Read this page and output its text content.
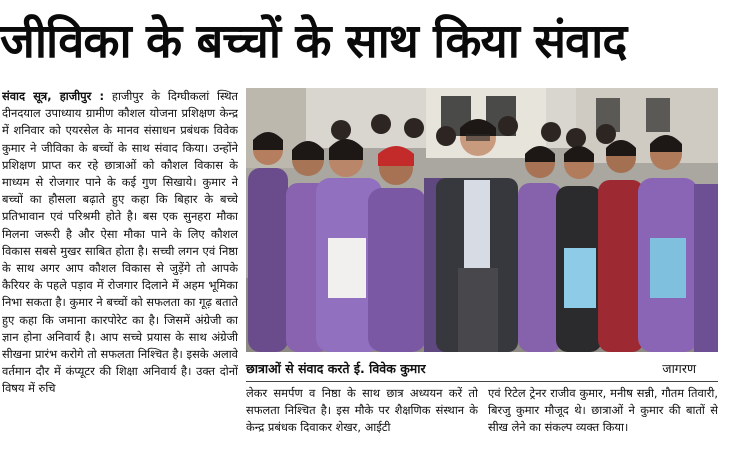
जीविका के बच्चों के साथ किया संवाद
संवाद सूत्र, हाजीपुर : हाजीपुर के दिग्घीकलां स्थित दीनदयाल उपाध्याय ग्रामीण कौशल योजना प्रशिक्षण केन्द्र में शनिवार को एयरसेल के मानव संसाधन प्रबंधक विवेक कुमार ने जीविका के बच्चों के साथ संवाद किया। उन्होंने प्रशिक्षण प्राप्त कर रहे छात्राओं को कौशल विकास के माध्यम से रोजगार पाने के कई गुण सिखाये। कुमार ने बच्चों का हौसला बढ़ाते हुए कहा कि बिहार के बच्चे प्रतिभावान एवं परिश्रमी होते है। बस एक सुनहरा मौका मिलना जरूरी है और ऐसा मौका पाने के लिए कौशल विकास सबसे मुखर साबित होता है। सच्ची लगन एवं निष्ठा के साथ अगर आप कौशल विकास से जुड़ेंगे तो आपके कैरियर के पहले पड़ाव में रोजगार दिलाने में अहम भूमिका निभा सकता है। कुमार ने बच्चों को सफलता का गूढ़ बताते हुए कहा कि जमाना कारपोरेट का है। जिसमें अंग्रेजी का ज्ञान होना अनिवार्य है। आप सच्चे प्रयास के साथ अंग्रेजी सीखना प्रारंभ करोगे तो सफलता निश्चित है। इसके अलावे वर्तमान दौर में कंप्यूटर की शिक्षा अनिवार्य है। उक्त दोनों विषय में रुचि
छात्राओं से संवाद करते ई. विवेक कुमार	जागरण
लेकर समर्पण व निष्ठा के साथ छात्र अध्ययन करें तो सफलता निश्चित है। इस मौके पर शैक्षणिक संस्थान के केन्द्र प्रबंधक दिवाकर शेखर, आईटी
एवं रिटेल ट्रेनर राजीव कुमार, मनीष सन्नी, गौतम तिवारी, बिरजु कुमार मौजूद थे। छात्राओं ने कुमार की बातों से सीख लेने का संकल्प व्यक्त किया।
